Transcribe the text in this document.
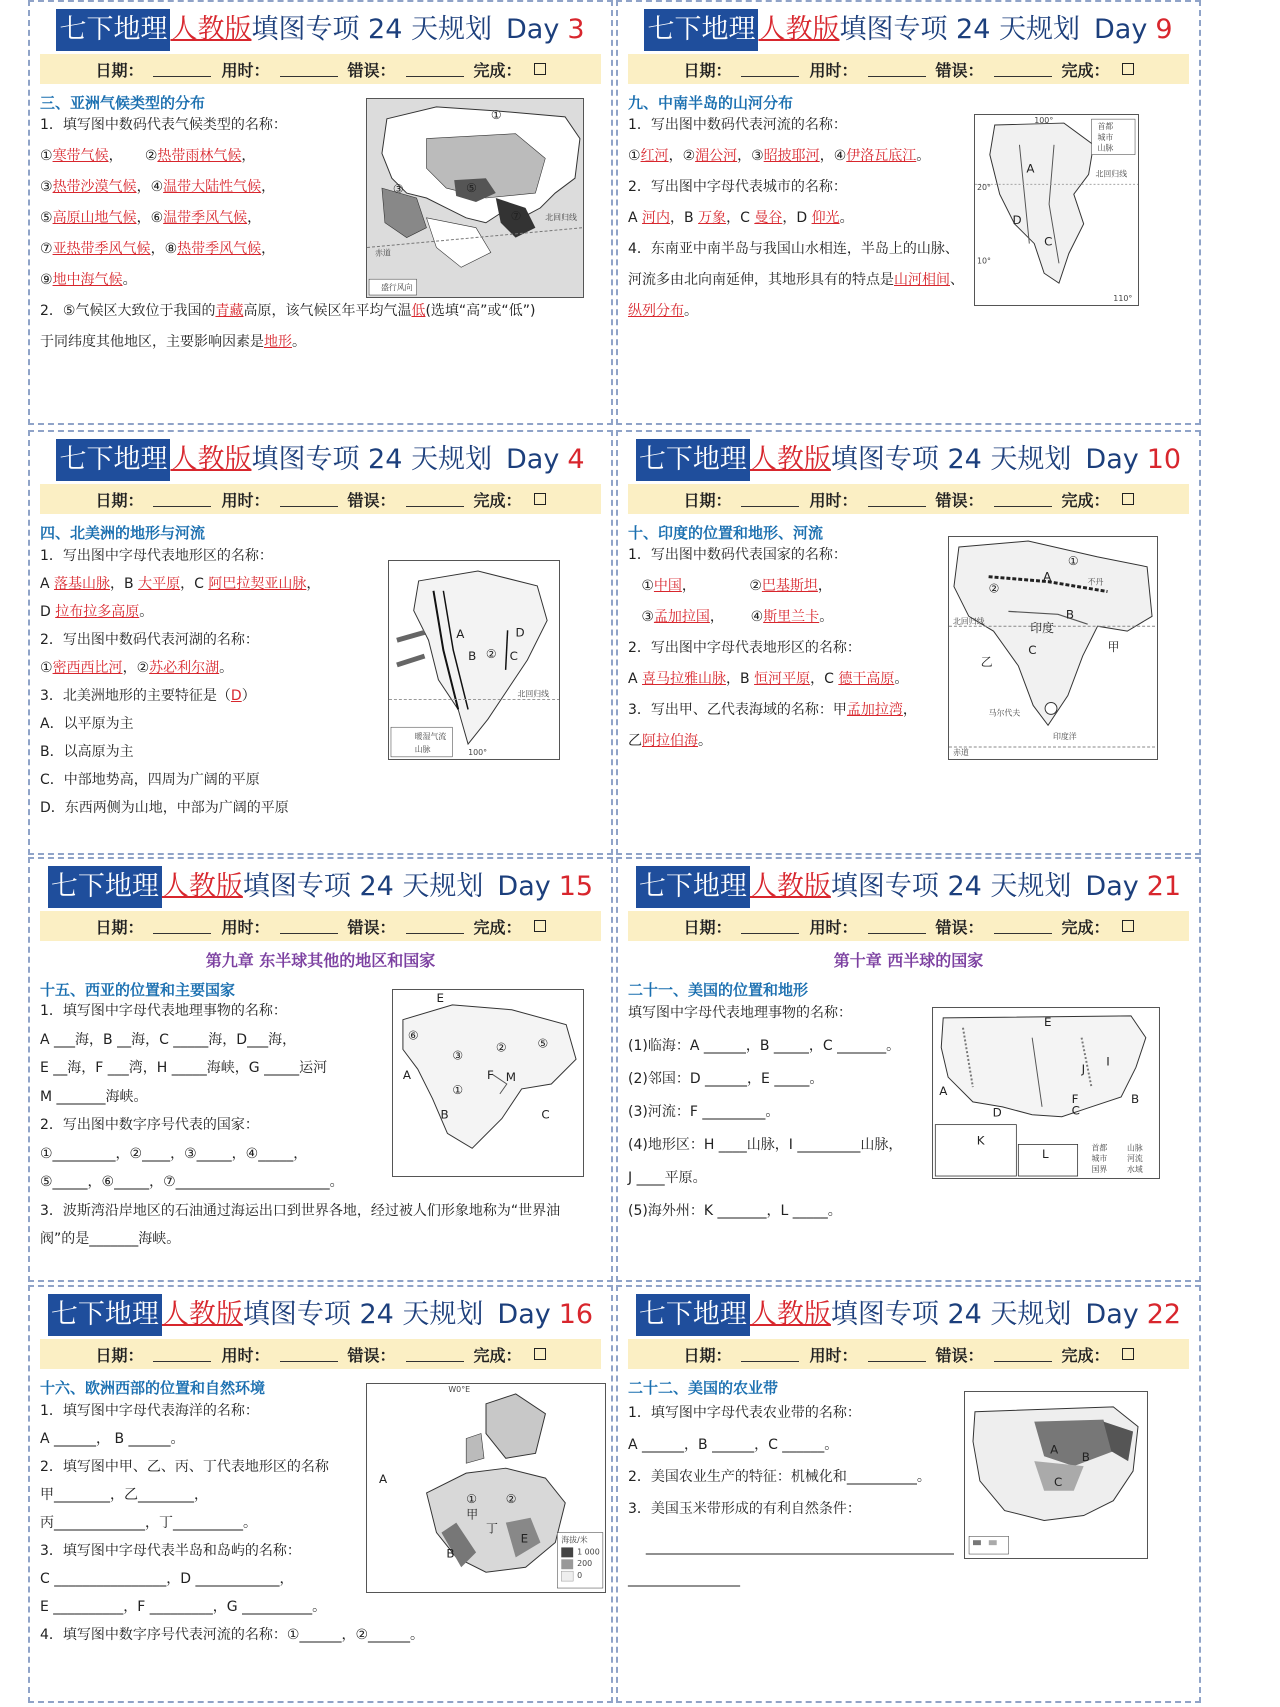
七下地理 人教版 填图专项 24 天规划 Day 3
日期：	用时：	错误：	完成：
三、亚洲气候类型的分布
1．填写图中数码代表气候类型的名称：
①寒带气候，     ②热带雨林气候，
③热带沙漠气候，④温带大陆性气候，
⑤高原山地气候，⑥温带季风气候，
⑦亚热带季风气候，⑧热带季风气候，
⑨地中海气候。
2．⑤气候区大致位于我国的青藏高原，该气候区年平均气温低(选填“高”或“低”)
于同纬度其他地区，主要影响因素是地形。
①
③	⑤
⑦
赤道
北回归线
盛行风向
七下地理 人教版 填图专项 24 天规划 Day 9
日期：	用时：	错误：	完成：
九、中南半岛的山河分布
1．写出图中数码代表河流的名称：
①红河，②湄公河，③昭披耶河，④伊洛瓦底江。
2．写出图中字母代表城市的名称：
A 河内，B 万象，C 曼谷，D 仰光。
4．东南亚中南半岛与我国山水相连，半岛上的山脉、
河流多由北向南延伸，其地形具有的特点是山河相间、
纵列分布。
首都
城市
山脉
北回归线
100°
110°
20°
10°
A
D
C
七下地理 人教版 填图专项 24 天规划 Day 4
日期：	用时：	错误：	完成：
四、北美洲的地形与河流
1．写出图中字母代表地形区的名称：
A 落基山脉，B 大平原，C 阿巴拉契亚山脉，
D 拉布拉多高原。
2．写出图中数码代表河湖的名称：
①密西西比河，②苏必利尔湖。
3．北美洲地形的主要特征是（D）
A．以平原为主
B．以高原为主
C．中部地势高，四周为广阔的平原
D．东西两侧为山地，中部为广阔的平原
A
B	C
D
②
北回归线
100°
暖湿气流
山脉
七下地理 人教版 填图专项 24 天规划 Day 10
日期：	用时：	错误：	完成：
十、印度的位置和地形、河流
1．写出图中数码代表国家的名称：
①中国，            ②巴基斯坦，
③孟加拉国，      ④斯里兰卡。
2．写出图中字母代表地形区的名称：
A 喜马拉雅山脉，B 恒河平原，C 德干高原。
3．写出甲、乙代表海域的名称：甲孟加拉湾，
乙阿拉伯海。
①
②
A
B
C	甲
乙
不丹
印度
印度洋
马尔代夫
赤道
北回归线
七下地理 人教版 填图专项 24 天规划 Day 15
日期：	用时：	错误：	完成：
第九章 东半球其他的地区和国家
十五、西亚的位置和主要国家
1．填写图中字母代表地理事物的名称：
A ___海，B __海，C _____海，D___海，
E __海，F ___湾，H _____海峡，G _____运河
M _______海峡。
2．写出图中数字序号代表的国家：
①_________，②____，③_____，④_____，
⑤_____，⑥_____，⑦______________________。
3．波斯湾沿岸地区的石油通过海运出口到世界各地，经过被人们形象地称为“世界油
阀”的是_______海峡。
E
⑥
A
③
②	⑤
①
F M
B	C
七下地理 人教版 填图专项 24 天规划 Day 21
日期：	用时：	错误：	完成：
第十章 西半球的国家
二十一、美国的位置和地形
填写图中字母代表地理事物的名称：
(1)临海：A ______，B _____，C _______。
(2)邻国：D ______，E _____。
(3)河流：F _________。
(4)地形区：H ____山脉，I _________山脉，
J ____平原。
(5)海外州：K _______，L _____。
E
A
B
C
J
I
F
D
K
L	首都 山脉
城市 河流
国界 水域
七下地理 人教版 填图专项 24 天规划 Day 16
日期：	用时：	错误：	完成：
十六、欧洲西部的位置和自然环境
1．填写图中字母代表海洋的名称：
A ______， B ______。
2．填写图中甲、乙、丙、丁代表地形区的名称
甲________，乙________，
丙_____________，丁__________。
3．填写图中字母代表半岛和岛屿的名称：
C ________________，D ____________，
E __________，F _________，G __________。
4．填写图中数字序号代表河流的名称：①______，②______。
W0°E
A
甲
丁
B
E
②
①
海拔/米
1 000
200
0
七下地理 人教版 填图专项 24 天规划 Day 22
日期：	用时：	错误：	完成：
二十二、美国的农业带
1．填写图中字母代表农业带的名称：
A ______，B ______，C ______。
2．美国农业生产的特征：机械化和__________。
3．美国玉米带形成的有利自然条件：
____________________________________________
________________
A
B
C
